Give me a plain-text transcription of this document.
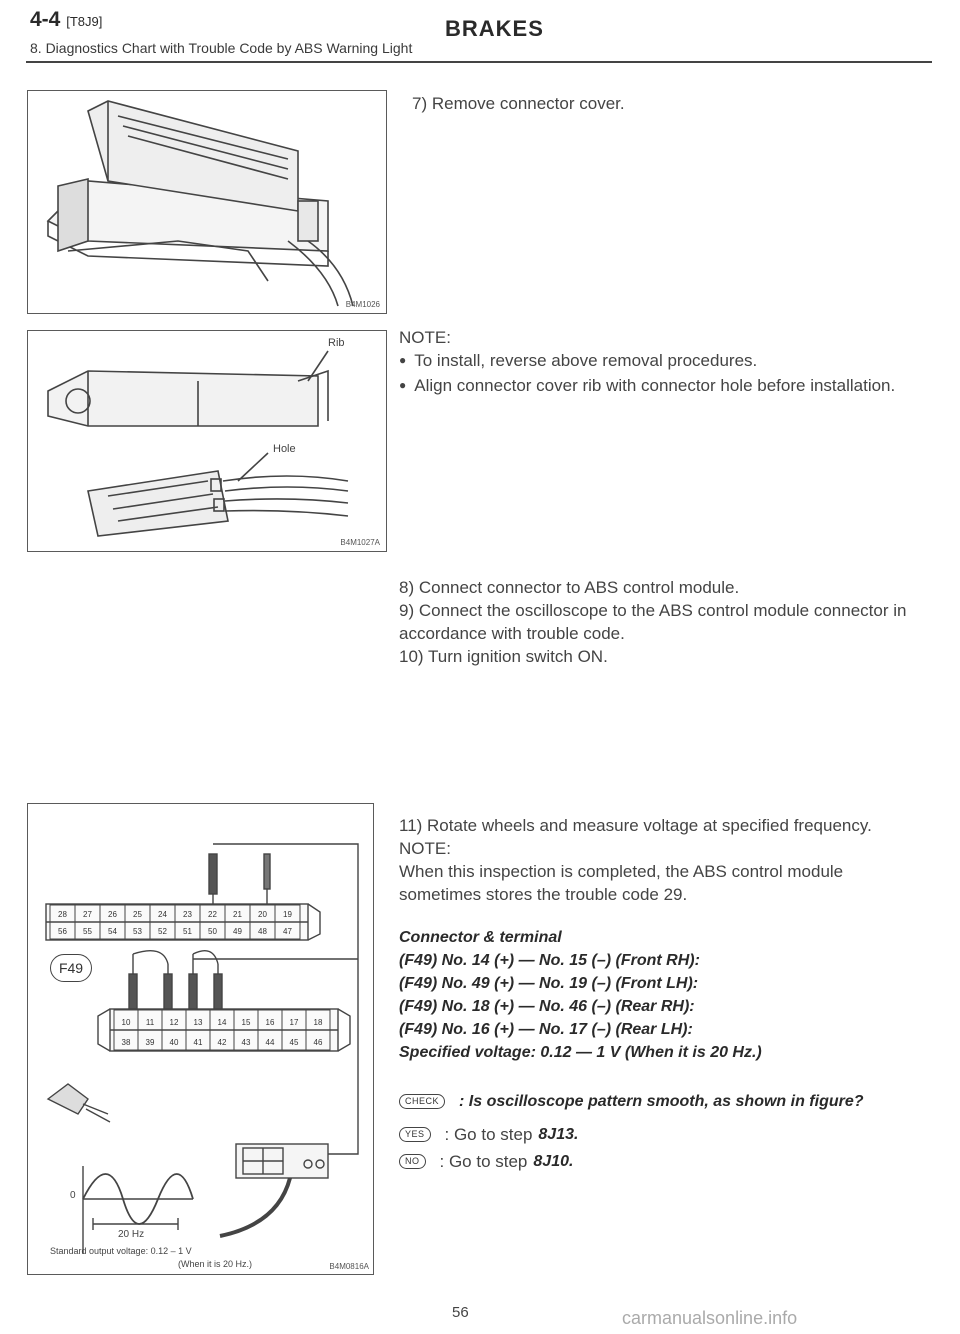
4-4 [T8J9]	BRAKES
8. Diagnostics Chart with Trouble Code by ABS Warning Light
B4M1026
Rib
Hole
B4M1027A
28 27 26 25 24 23 22 21 20 19
56 55 54 53 52 51 50 49 48 47
10 11 12 13 14 15 16 17 18
38 39 40 41 42 43 44 45 46
F49
0
20 Hz
Standard output voltage: 0.12 – 1 V
(When it is 20 Hz.)	B4M0816A
7) Remove connector cover.
NOTE:
● To install, reverse above removal procedures.
● Align connector cover rib with connector hole before installation.
8) Connect connector to ABS control module.
9) Connect the oscilloscope to the ABS control module connector in accordance with trouble code.
10) Turn ignition switch ON.
11) Rotate wheels and measure voltage at specified frequency.
NOTE:
When this inspection is completed, the ABS control module sometimes stores the trouble code 29.
Connector & terminal
(F49) No. 14 (+) — No. 15 (–) (Front RH):
(F49) No. 49 (+) — No. 19 (–) (Front LH):
(F49) No. 18 (+) — No. 46 (–) (Rear RH):
(F49) No. 16 (+) — No. 17 (–) (Rear LH):
Specified voltage: 0.12 — 1 V (When it is 20 Hz.)
CHECK	: Is oscilloscope pattern smooth, as shown in figure?
YES	: Go to step 8J13.
NO	: Go to step 8J10.
56	carmanualsonline.info
